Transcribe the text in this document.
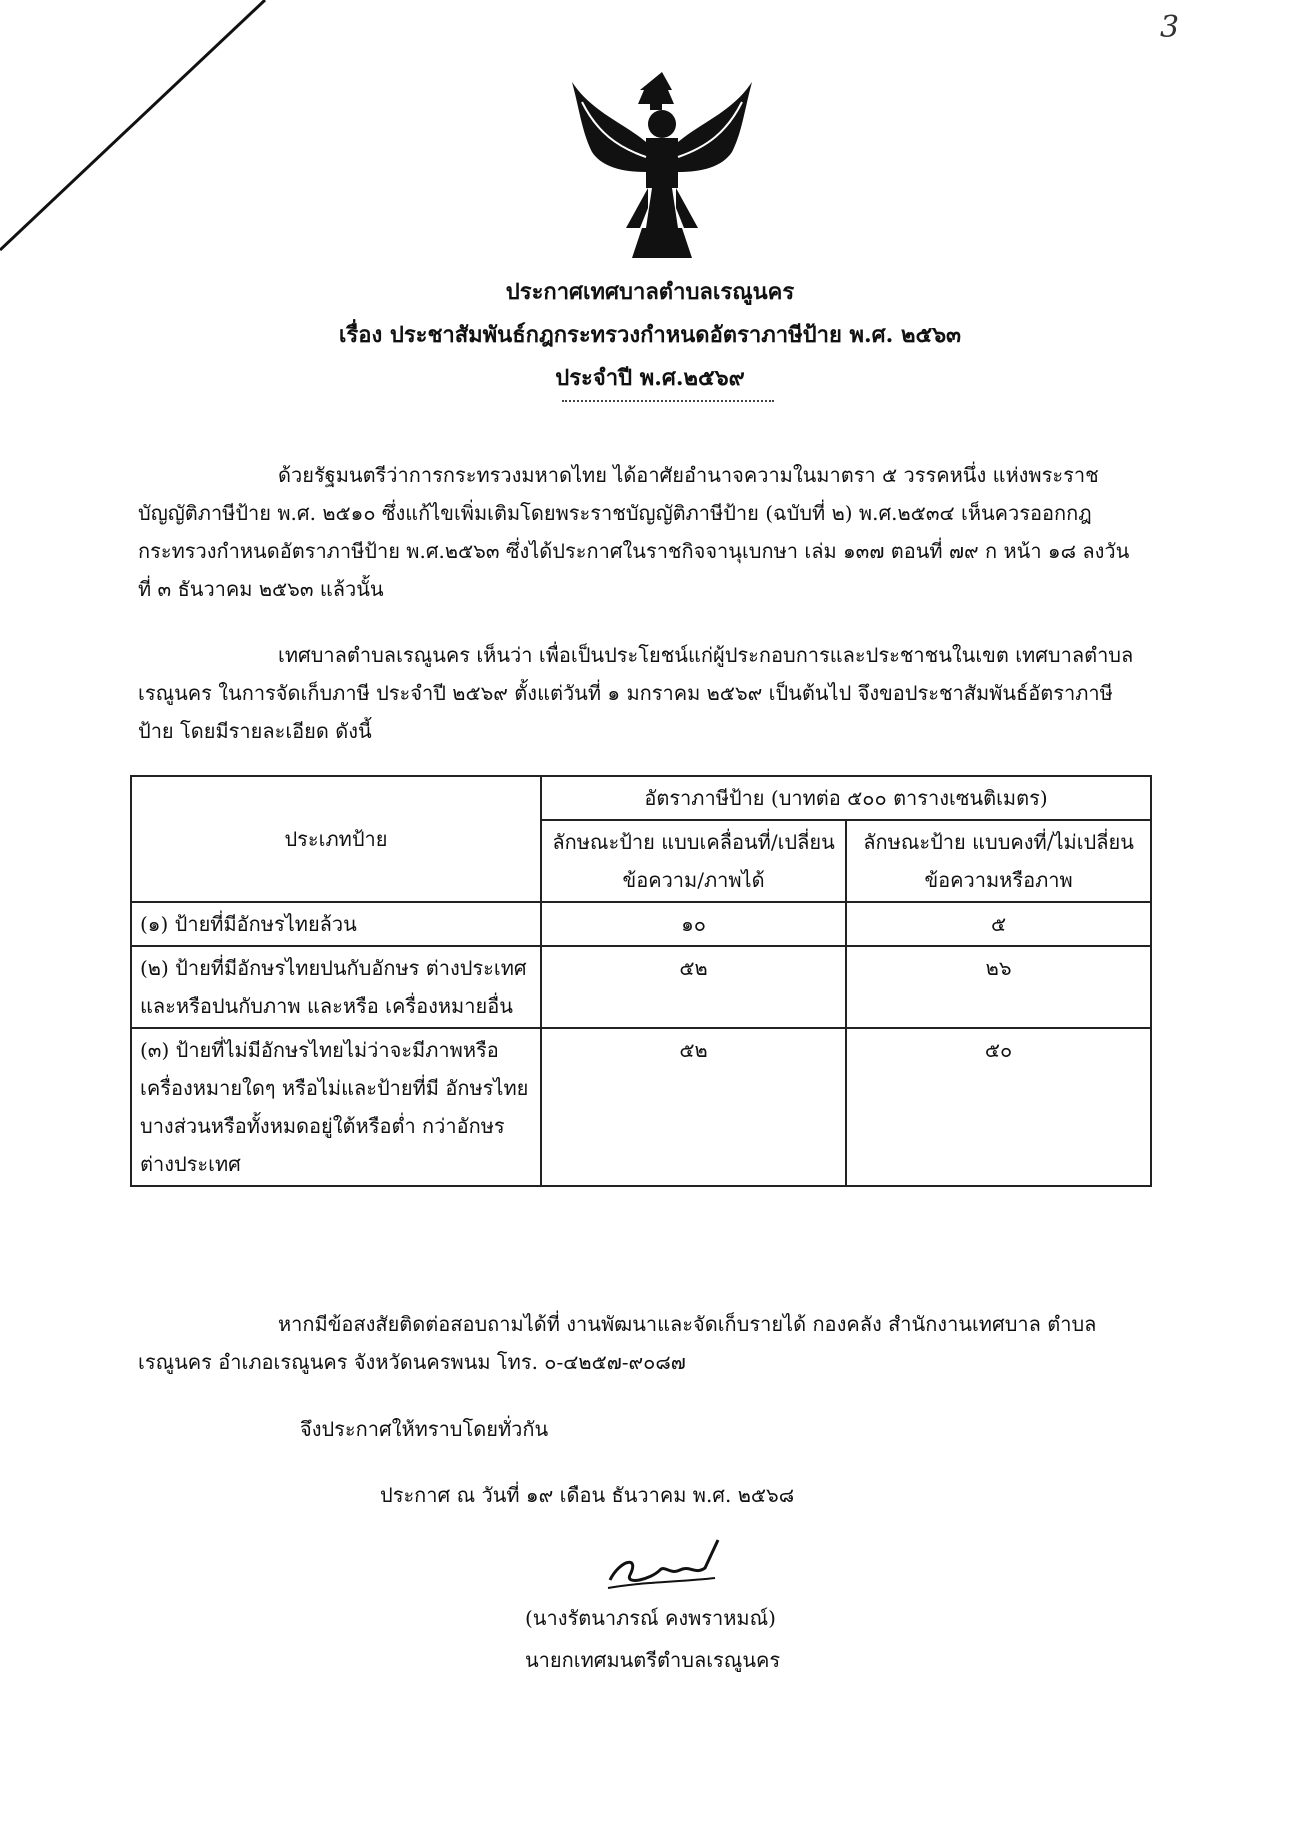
3
ประกาศเทศบาลตำบลเรณูนคร
เรื่อง ประชาสัมพันธ์กฎกระทรวงกำหนดอัตราภาษีป้าย พ.ศ. ๒๕๖๓
ประจำปี พ.ศ.๒๕๖๙
ด้วยรัฐมนตรีว่าการกระทรวงมหาดไทย ได้อาศัยอำนาจความในมาตรา ๕ วรรคหนึ่ง แห่งพระราชบัญญัติภาษีป้าย พ.ศ. ๒๕๑๐ ซึ่งแก้ไขเพิ่มเติมโดยพระราชบัญญัติภาษีป้าย (ฉบับที่ ๒) พ.ศ.๒๕๓๔ เห็นควรออกกฎกระทรวงกำหนดอัตราภาษีป้าย พ.ศ.๒๕๖๓ ซึ่งได้ประกาศในราชกิจจานุเบกษา เล่ม ๑๓๗ ตอนที่ ๗๙ ก หน้า ๑๘ ลงวันที่ ๓ ธันวาคม ๒๕๖๓ แล้วนั้น
เทศบาลตำบลเรณูนคร เห็นว่า เพื่อเป็นประโยชน์แก่ผู้ประกอบการและประชาชนในเขต เทศบาลตำบลเรณูนคร ในการจัดเก็บภาษี ประจำปี ๒๕๖๙ ตั้งแต่วันที่ ๑ มกราคม ๒๕๖๙ เป็นต้นไป จึงขอประชาสัมพันธ์อัตราภาษีป้าย โดยมีรายละเอียด ดังนี้
ประเภทป้าย	อัตราภาษีป้าย (บาทต่อ ๕๐๐ ตารางเซนติเมตร)	
	ลักษณะป้าย แบบเคลื่อนที่/เปลี่ยน ข้อความ/ภาพได้	ลักษณะป้าย แบบคงที่/ไม่เปลี่ยน ข้อความหรือภาพ
(๑) ป้ายที่มีอักษรไทยล้วน	๑๐	๕
(๒) ป้ายที่มีอักษรไทยปนกับอักษร ต่างประเทศ และหรือปนกับภาพ และหรือ เครื่องหมายอื่น	๕๒	๒๖
(๓) ป้ายที่ไม่มีอักษรไทยไม่ว่าจะมีภาพหรือ เครื่องหมายใดๆ หรือไม่และป้ายที่มี อักษรไทยบางส่วนหรือทั้งหมดอยู่ใต้หรือต่ำ กว่าอักษรต่างประเทศ	๕๒	๕๐
หากมีข้อสงสัยติดต่อสอบถามได้ที่ งานพัฒนาและจัดเก็บรายได้ กองคลัง สำนักงานเทศบาล ตำบลเรณูนคร อำเภอเรณูนคร จังหวัดนครพนม โทร. ๐-๔๒๕๗-๙๐๘๗
จึงประกาศให้ทราบโดยทั่วกัน
ประกาศ ณ วันที่ ๑๙ เดือน ธันวาคม พ.ศ. ๒๕๖๘
(นางรัตนาภรณ์ คงพราหมณ์)
นายกเทศมนตรีตำบลเรณูนคร
